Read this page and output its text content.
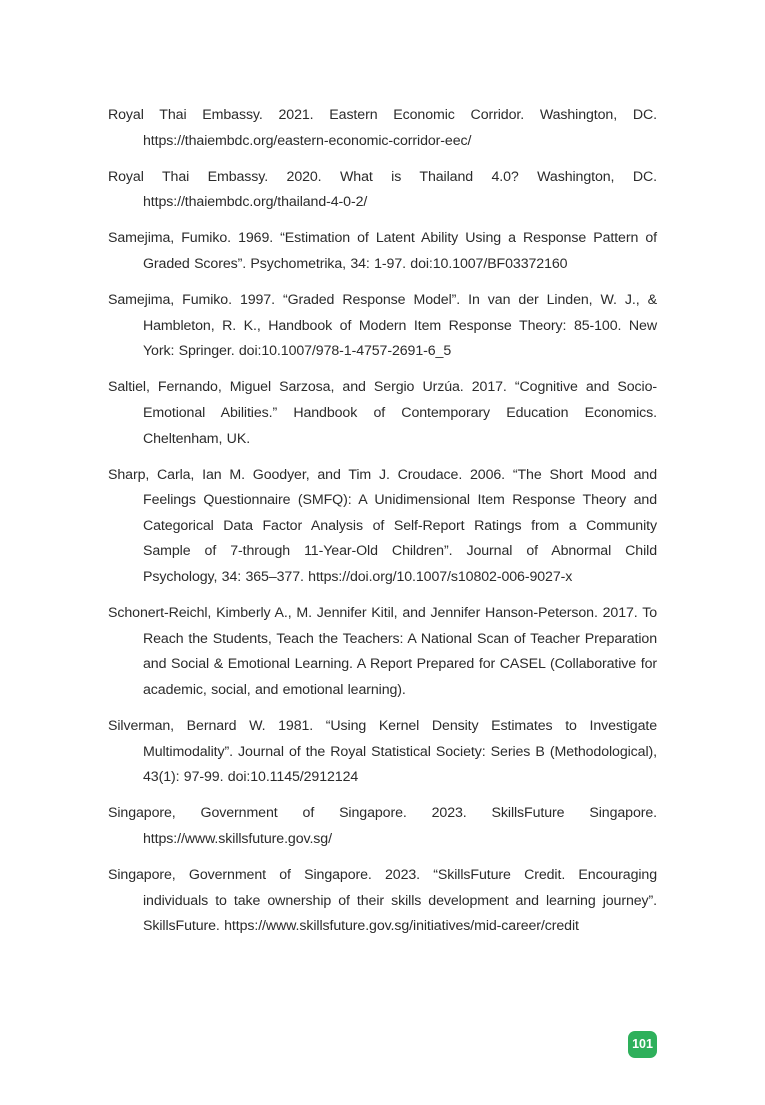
Royal Thai Embassy. 2021. Eastern Economic Corridor. Washington, DC. https://thaiembdc.org/eastern-economic-corridor-eec/
Royal Thai Embassy. 2020. What is Thailand 4.0? Washington, DC. https://thaiembdc.org/thailand-4-0-2/
Samejima, Fumiko. 1969. “Estimation of Latent Ability Using a Response Pattern of Graded Scores”. Psychometrika, 34: 1-97. doi:10.1007/BF03372160
Samejima, Fumiko. 1997. “Graded Response Model”. In van der Linden, W. J., & Hambleton, R. K., Handbook of Modern Item Response Theory: 85-100. New York: Springer. doi:10.1007/978-1-4757-2691-6_5
Saltiel, Fernando, Miguel Sarzosa, and Sergio Urzúa. 2017. “Cognitive and Socio-Emotional Abilities.” Handbook of Contemporary Education Economics. Cheltenham, UK.
Sharp, Carla, Ian M. Goodyer, and Tim J. Croudace. 2006. “The Short Mood and Feelings Questionnaire (SMFQ): A Unidimensional Item Response Theory and Categorical Data Factor Analysis of Self-Report Ratings from a Community Sample of 7-through 11-Year-Old Children”. Journal of Abnormal Child Psychology, 34: 365–377. https://doi.org/10.1007/s10802-006-9027-x
Schonert-Reichl, Kimberly A., M. Jennifer Kitil, and Jennifer Hanson-Peterson. 2017. To Reach the Students, Teach the Teachers: A National Scan of Teacher Preparation and Social & Emotional Learning. A Report Prepared for CASEL (Collaborative for academic, social, and emotional learning).
Silverman, Bernard W. 1981. “Using Kernel Density Estimates to Investigate Multimodality”. Journal of the Royal Statistical Society: Series B (Methodological), 43(1): 97-99. doi:10.1145/2912124
Singapore, Government of Singapore. 2023. SkillsFuture Singapore. https://www.skillsfuture.gov.sg/
Singapore, Government of Singapore. 2023. “SkillsFuture Credit. Encouraging individuals to take ownership of their skills development and learning journey”. SkillsFuture. https://www.skillsfuture.gov.sg/initiatives/mid-career/credit
101
